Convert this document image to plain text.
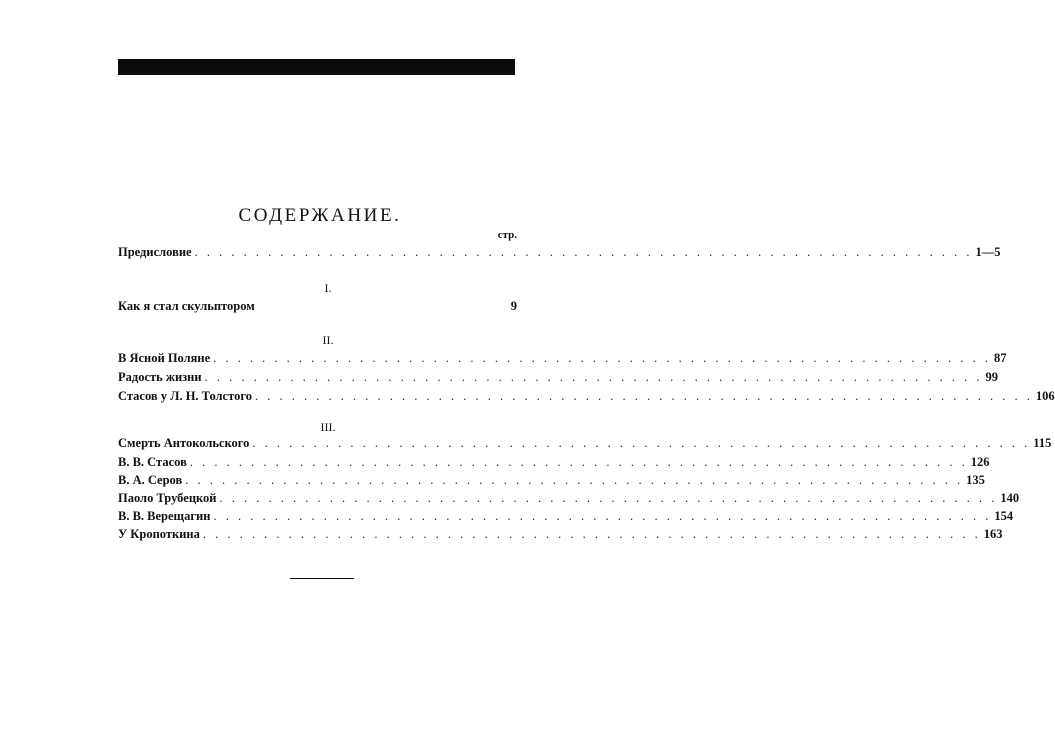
СОДЕРЖАНИЕ.
стр.
Предисловие . . . . . . . . . . . . . . . . . . . . . . . . . . . . . . . . . . . . . . . . . . . . . . . . . . . . . . . . . . . . . . . . 1—5
I.
Как я стал скульптором	9
II.
В Ясной Поляне . . . . . . . . . . . . . . . . . . . . . . . . . . . . . . . . . . . . . . . . . . . . . . . . . . . . . . . . . . . . . . . . 87
Радость жизни . . . . . . . . . . . . . . . . . . . . . . . . . . . . . . . . . . . . . . . . . . . . . . . . . . . . . . . . . . . . . . . . 99
Стасов у Л. Н. Толстого . . . . . . . . . . . . . . . . . . . . . . . . . . . . . . . . . . . . . . . . . . . . . . . . . . . . . . . . . . . . . . . . 106
III.
Смерть Антокольского . . . . . . . . . . . . . . . . . . . . . . . . . . . . . . . . . . . . . . . . . . . . . . . . . . . . . . . . . . . . . . . . 115
В. В. Стасов . . . . . . . . . . . . . . . . . . . . . . . . . . . . . . . . . . . . . . . . . . . . . . . . . . . . . . . . . . . . . . . . 126
В. А. Серов . . . . . . . . . . . . . . . . . . . . . . . . . . . . . . . . . . . . . . . . . . . . . . . . . . . . . . . . . . . . . . . . 135
Паоло Трубецкой . . . . . . . . . . . . . . . . . . . . . . . . . . . . . . . . . . . . . . . . . . . . . . . . . . . . . . . . . . . . . . . . 140
В. В. Верещагин . . . . . . . . . . . . . . . . . . . . . . . . . . . . . . . . . . . . . . . . . . . . . . . . . . . . . . . . . . . . . . . . 154
У Кропоткина . . . . . . . . . . . . . . . . . . . . . . . . . . . . . . . . . . . . . . . . . . . . . . . . . . . . . . . . . . . . . . . . 163
